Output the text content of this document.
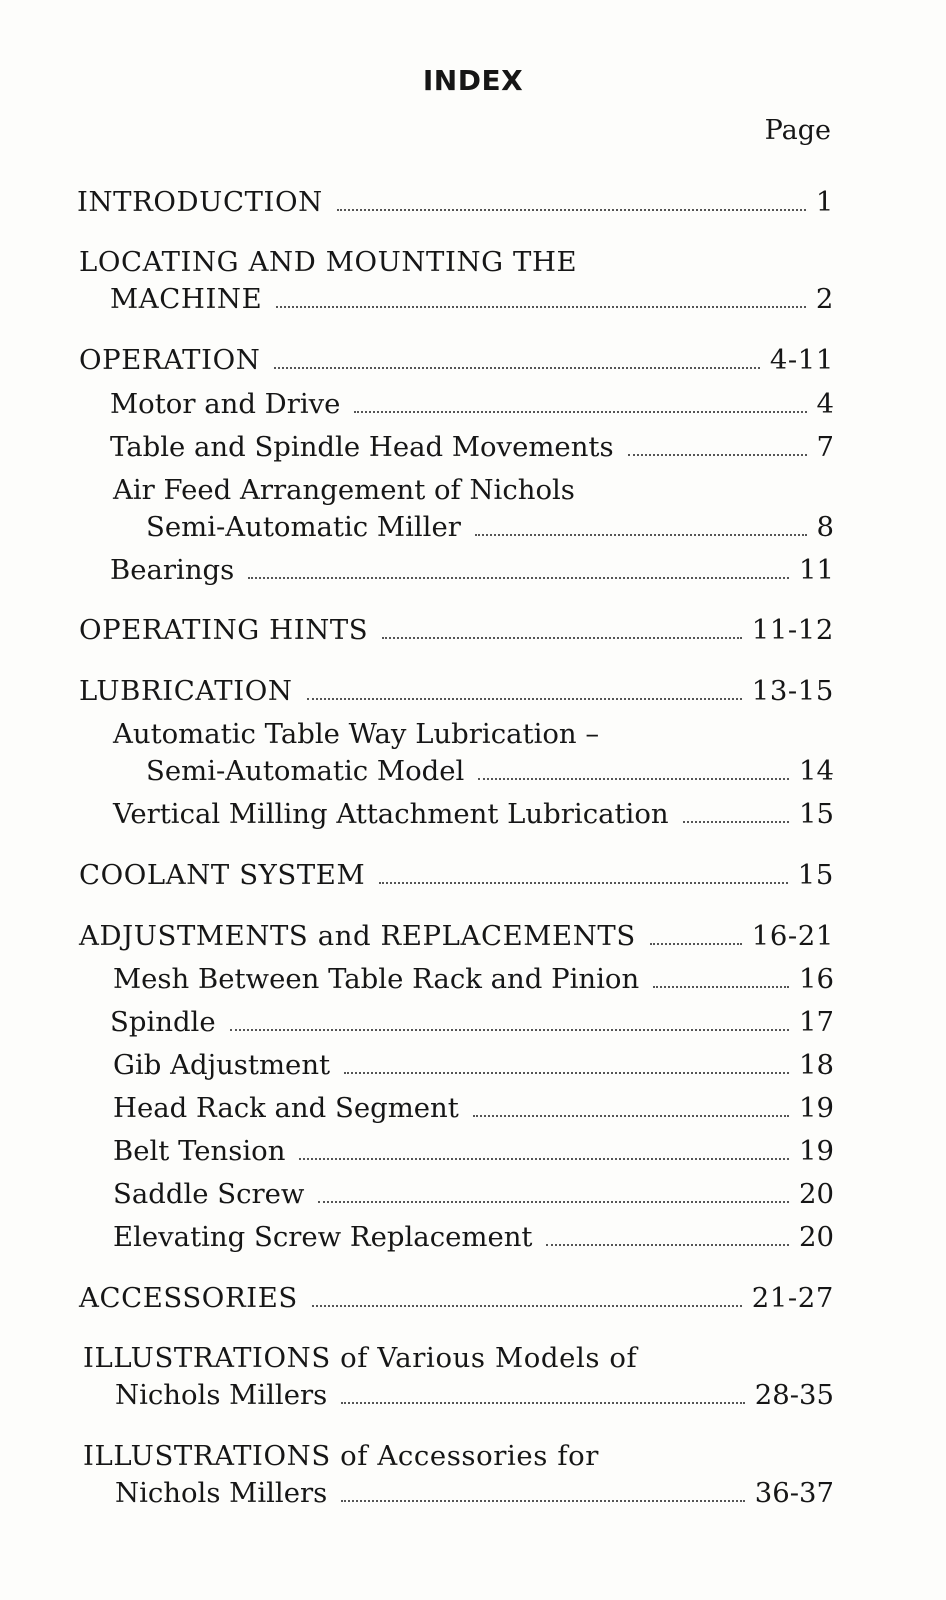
INDEX
Page
INTRODUCTION	1
LOCATING AND MOUNTING THE
MACHINE	2
OPERATION	4-11
Motor and Drive	4
Table and Spindle Head Movements	7
Air Feed Arrangement of Nichols
Semi-Automatic Miller	8
Bearings	11
OPERATING HINTS	11-12
LUBRICATION	13-15
Automatic Table Way Lubrication –
Semi-Automatic Model	14
Vertical Milling Attachment Lubrication	15
COOLANT SYSTEM	15
ADJUSTMENTS and REPLACEMENTS	16-21
Mesh Between Table Rack and Pinion	16
Spindle	17
Gib Adjustment	18
Head Rack and Segment	19
Belt Tension	19
Saddle Screw	20
Elevating Screw Replacement	20
ACCESSORIES	21-27
ILLUSTRATIONS of Various Models of
Nichols Millers	28-35
ILLUSTRATIONS of Accessories for
Nichols Millers	36-37
